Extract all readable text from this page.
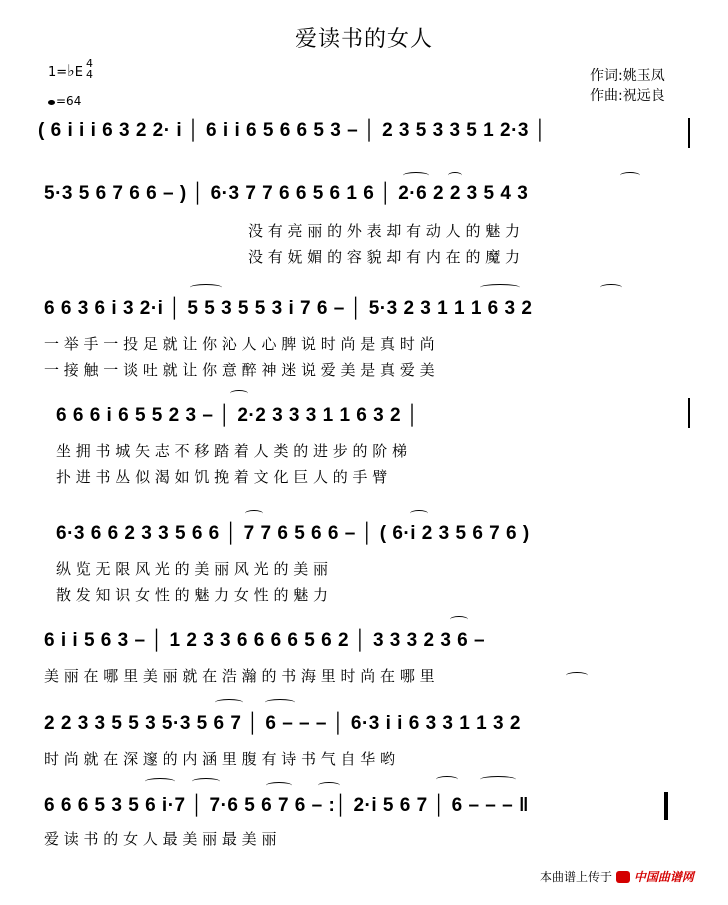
爱读书的女人
1=♭E
4
4
=64
作词:姚玉凤
作曲:祝远良
( 6 i i i 6 3 2 2· i │ 6 i i 6 5 6 6 5 3 – │ 2 3 5 3 3 5 1 2·3 │
5·3 5 6 7 6 6 – ) │ 6·3 7 7 6 6 5 6 1 6 │ 2·6 2 2 3 5 4 3
没 有 亮 丽 的 外 表 却 有 动 人 的 魅 力
没 有 妩 媚 的 容 貌 却 有 内 在 的 魔 力
6 6 3 6 i 3 2·i │ 5 5 3 5 5 3 i 7 6 – │ 5·3 2 3 1 1 1 6 3 2
一 举 手 一 投 足 就 让 你 沁 人 心 脾 说 时 尚 是 真 时 尚
一 接 触 一 谈 吐 就 让 你 意 醉 神 迷 说 爱 美 是 真 爱 美
6 6 6 i 6 5 5 2 3 – │ 2·2 3 3 3 1 1 6 3 2 │
坐 拥 书 城 矢 志 不 移 踏 着 人 类 的 进 步 的 阶 梯
扑 进 书 丛 似 渴 如 饥 挽 着 文 化 巨 人 的 手 臂
6·3 6 6 2 3 3 5 6 6 │ 7 7 6 5 6 6 – │ ( 6·i 2 3 5 6 7 6 )
纵 览 无 限 风 光 的 美 丽 风 光 的 美 丽
散 发 知 识 女 性 的 魅 力 女 性 的 魅 力
6 i i 5 6 3 – │ 1 2 3 3 6 6 6 6 5 6 2 │ 3 3 3 2 3 6 –
美 丽 在 哪 里 美 丽 就 在 浩 瀚 的 书 海 里 时 尚 在 哪 里
2 2 3 3 5 5 3 5·3 5 6 7 │ 6 – – – │ 6·3 i i 6 3 3 1 1 3 2
时 尚 就 在 深 邃 的 内 涵 里 腹 有 诗 书 气 自 华 哟
6 6 6 5 3 5 6 i·7 │ 7·6 5 6 7 6 – :│ 2·i 5 6 7 │ 6 – – – ‖
爱 读 书 的 女 人 最 美 丽 最 美 丽
本曲谱上传于 中国曲谱网
